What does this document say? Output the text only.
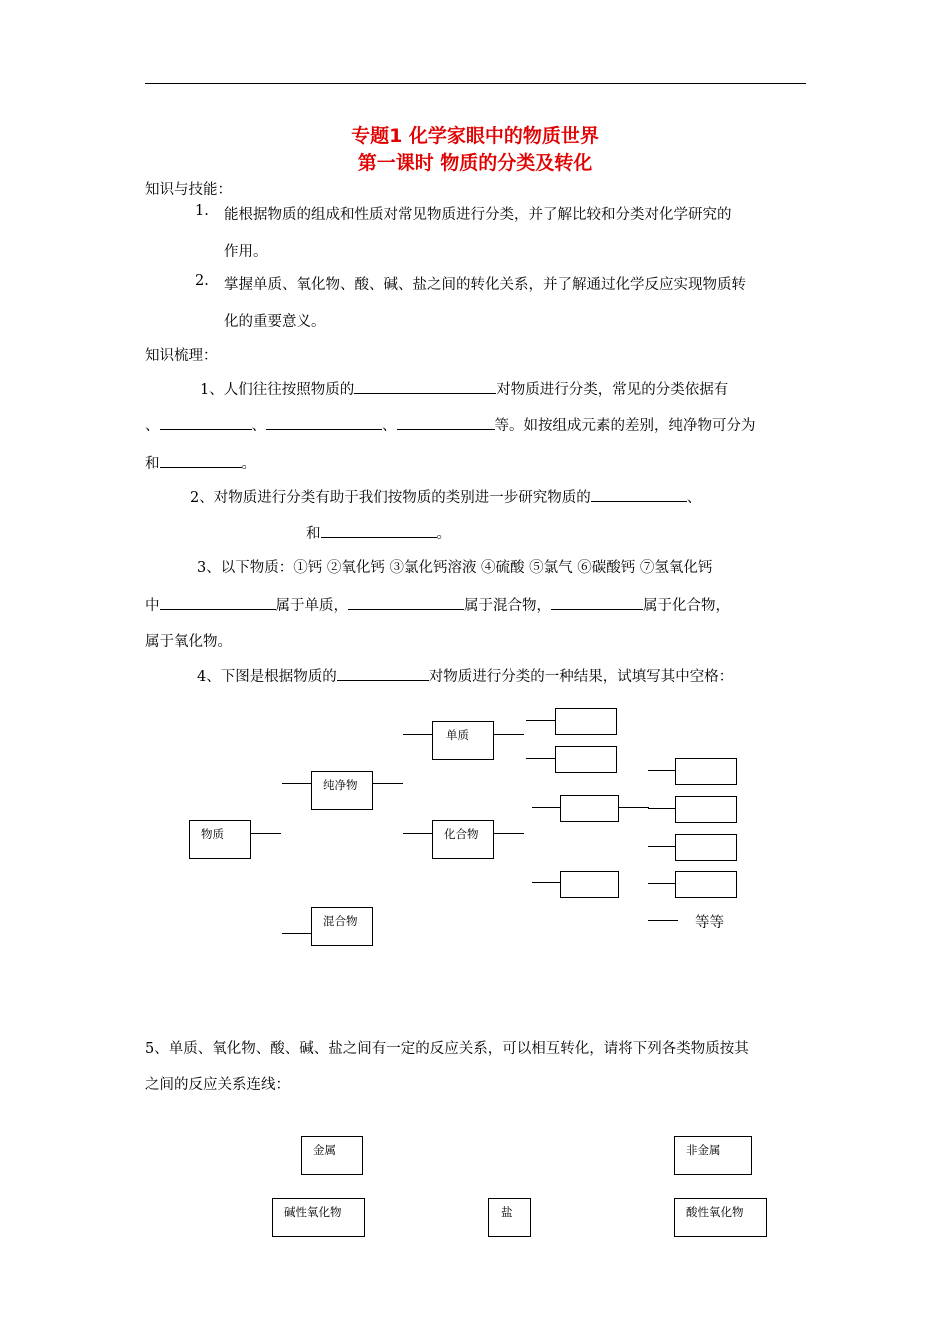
专题1 化学家眼中的物质世界
第一课时 物质的分类及转化
知识与技能：
1. 能根据物质的组成和性质对常见物质进行分类，并了解比较和分类对化学研究的
作用。
2. 掌握单质、氧化物、酸、碱、盐之间的转化关系，并了解通过化学反应实现物质转
化的重要意义。
知识梳理：
1、人们往往按照物质的	对物质进行分类，常见的分类依据有
、	、	、	等。如按组成元素的差别，纯净物可分为
和	。
2、对物质进行分类有助于我们按物质的类别进一步研究物质的	、
和	。
3、以下物质：①钙 ②氧化钙 ③氯化钙溶液 ④硫酸 ⑤氯气 ⑥碳酸钙 ⑦氢氧化钙
中	属于单质，	属于混合物，	属于化合物，
属于氧化物。
4、下图是根据物质的	对物质进行分类的一种结果，试填写其中空格：
物质
纯净物
单质
化合物
等等
混合物
5、单质、氧化物、酸、碱、盐之间有一定的反应关系，可以相互转化，请将下列各类物质按其
之间的反应关系连线：
金属	非金属
碱性氧化物	盐	酸性氧化物
